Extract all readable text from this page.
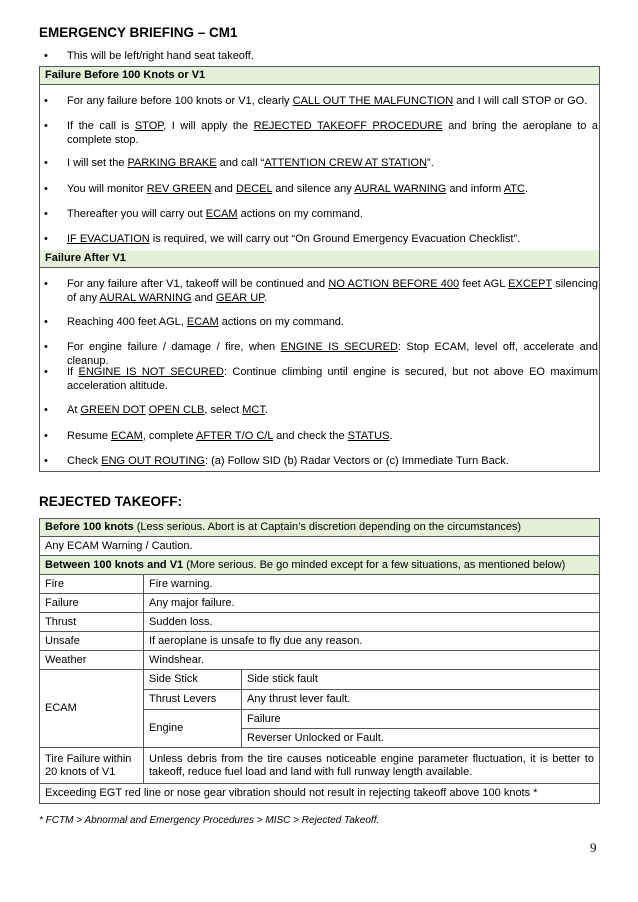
EMERGENCY BRIEFING – CM1
• This will be left/right hand seat takeoff.
Failure Before 100 Knots or V1
• For any failure before 100 knots or V1, clearly CALL OUT THE MALFUNCTION and I will call STOP or GO.
• If the call is STOP, I will apply the REJECTED TAKEOFF PROCEDURE and bring the aeroplane to a complete stop.
• I will set the PARKING BRAKE and call “ATTENTION CREW AT STATION”.
• You will monitor REV GREEN and DECEL and silence any AURAL WARNING and inform ATC.
• Thereafter you will carry out ECAM actions on my command.
• IF EVACUATION is required, we will carry out “On Ground Emergency Evacuation Checklist”.
Failure After V1
• For any failure after V1, takeoff will be continued and NO ACTION BEFORE 400 feet AGL EXCEPT silencing of any AURAL WARNING and GEAR UP.
• Reaching 400 feet AGL, ECAM actions on my command.
• For engine failure / damage / fire, when ENGINE IS SECURED: Stop ECAM, level off, accelerate and cleanup.
• If ENGINE IS NOT SECURED: Continue climbing until engine is secured, but not above EO maximum acceleration altitude.
• At GREEN DOT OPEN CLB, select MCT.
• Resume ECAM, complete AFTER T/O C/L and check the STATUS.
• Check ENG OUT ROUTING: (a) Follow SID (b) Radar Vectors or (c) Immediate Turn Back.
REJECTED TAKEOFF:
Before 100 knots (Less serious. Abort is at Captain’s discretion depending on the circumstances)		
Any ECAM Warning / Caution.		
Between 100 knots and V1 (More serious. Be go minded except for a few situations, as mentioned below)		
Fire	Fire warning.	
Failure	Any major failure.	
Thrust	Sudden loss.	
Unsafe	If aeroplane is unsafe to fly due any reason.	
Weather	Windshear.	
ECAM	Side Stick	Side stick fault
	Thrust Levers	Any thrust lever fault.
	Engine	Failure
		Reverser Unlocked or Fault.
Tire Failure within 20 knots of V1	Unless debris from the tire causes noticeable engine parameter fluctuation, it is better to takeoff, reduce fuel load and land with full runway length available.	
Exceeding EGT red line or nose gear vibration should not result in rejecting takeoff above 100 knots *		
* FCTM > Abnormal and Emergency Procedures > MISC > Rejected Takeoff.
9
